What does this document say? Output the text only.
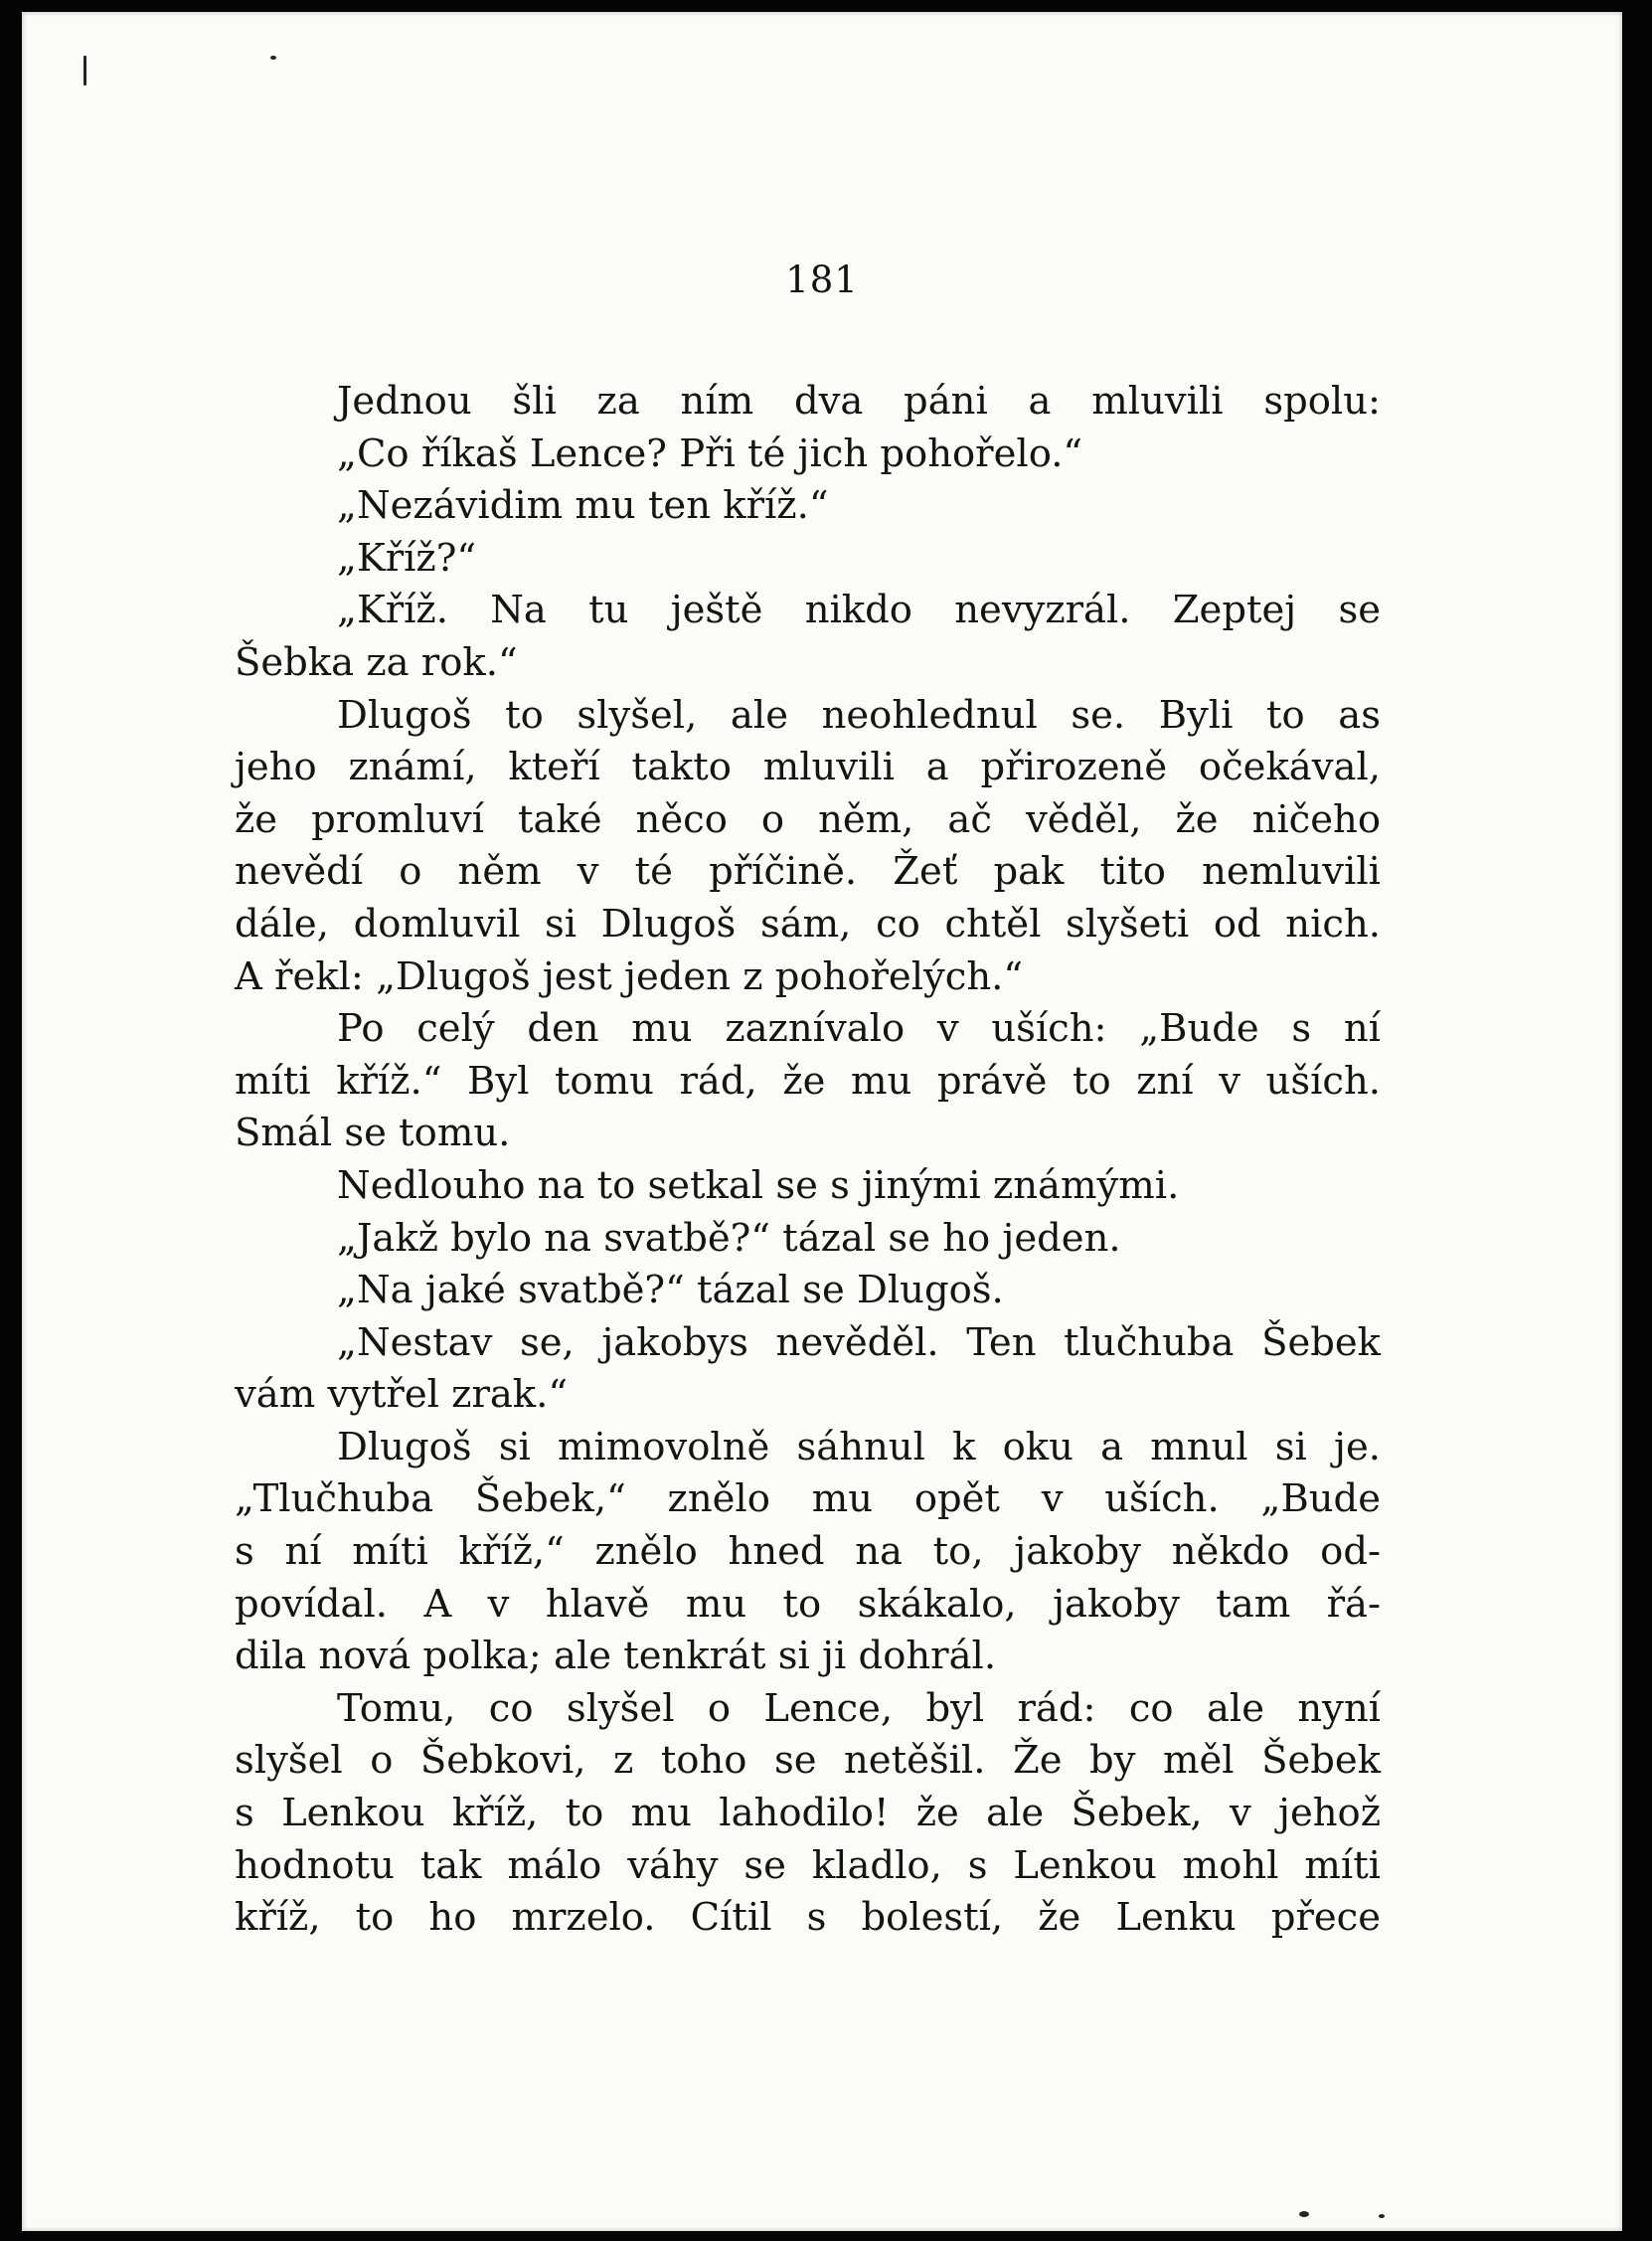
181
Jednou šli za ním dva páni a mluvili spolu:
„Co říkaš Lence? Při té jich pohořelo.“
„Nezávidim mu ten kříž.“
„Kříž?“
„Kříž. Na tu ještě nikdo nevyzrál. Zeptej se
Šebka za rok.“
Dlugoš to slyšel, ale neohlednul se. Byli to as
jeho známí, kteří takto mluvili a přirozeně očekával,
že promluví také něco o něm, ač věděl, že ničeho
nevědí o něm v té příčině. Žeť pak tito nemluvili
dále, domluvil si Dlugoš sám, co chtěl slyšeti od nich.
A řekl: „Dlugoš jest jeden z pohořelých.“
Po celý den mu zaznívalo v uších: „Bude s ní
míti kříž.“ Byl tomu rád, že mu právě to zní v uších.
Smál se tomu.
Nedlouho na to setkal se s jinými známými.
„Jakž bylo na svatbě?“ tázal se ho jeden.
„Na jaké svatbě?“ tázal se Dlugoš.
„Nestav se, jakobys nevěděl. Ten tlučhuba Šebek
vám vytřel zrak.“
Dlugoš si mimovolně sáhnul k oku a mnul si je.
„Tlučhuba Šebek,“ znělo mu opět v uších. „Bude
s ní míti kříž,“ znělo hned na to, jakoby někdo od-
povídal. A v hlavě mu to skákalo, jakoby tam řá-
dila nová polka; ale tenkrát si ji dohrál.
Tomu, co slyšel o Lence, byl rád: co ale nyní
slyšel o Šebkovi, z toho se netěšil. Že by měl Šebek
s Lenkou kříž, to mu lahodilo! že ale Šebek, v jehož
hodnotu tak málo váhy se kladlo, s Lenkou mohl míti
kříž, to ho mrzelo. Cítil s bolestí, že Lenku přece
